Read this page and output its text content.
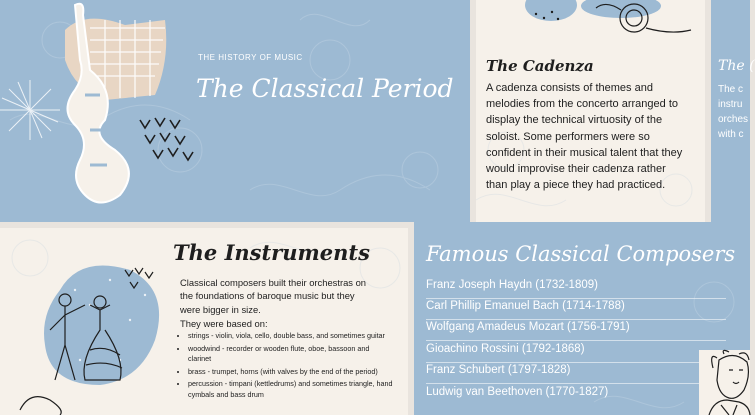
THE HISTORY OF MUSIC
The Classical Period
The Cadenza
A cadenza consists of themes and melodies from the concerto arranged to display the technical virtuosity of the soloist. Some performers were so confident in their musical talent that they would improvise their cadenza rather than play a piece they had practiced.
The (
The c
instru
orches
with c
The Instruments
Classical composers built their orchestras on the foundations of baroque music but they were bigger in size.
They were based on:
• strings - violin, viola, cello, double bass, and sometimes guitar
• woodwind - recorder or wooden flute, oboe, bassoon and clarinet
• brass - trumpet, horns (with valves by the end of the period)
• percussion - timpani (kettledrums) and sometimes triangle, hand cymbals and bass drum
Famous Classical Composers
Franz Joseph Haydn (1732-1809)
Carl Phillip Emanuel Bach (1714-1788)
Wolfgang Amadeus Mozart (1756-1791)
Gioachino Rossini (1792-1868)
Franz Schubert (1797-1828)
Ludwig van Beethoven (1770-1827)
